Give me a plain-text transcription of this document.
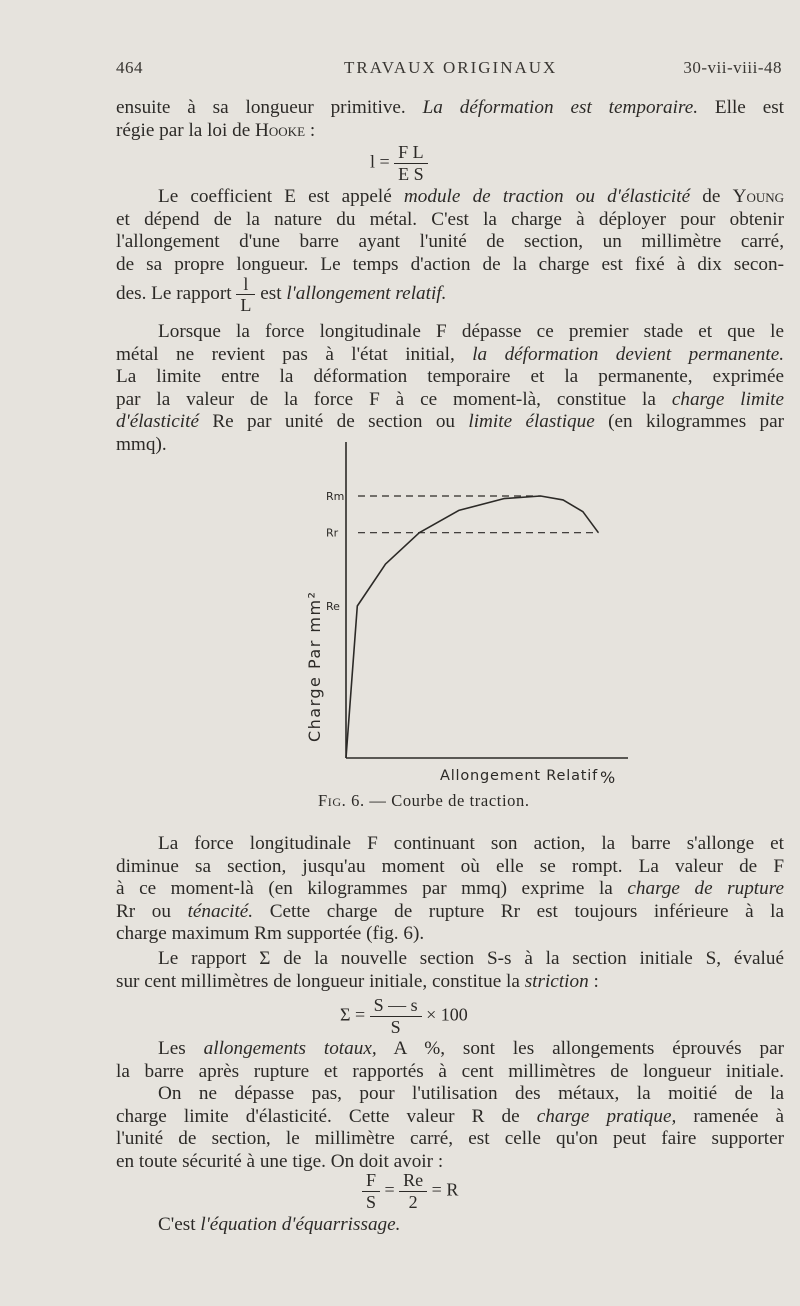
464	TRAVAUX ORIGINAUX	30-vii-viii-48
ensuite à sa longueur primitive. La déformation est temporaire. Elle est
régie par la loi de Hooke :
$l = \frac{\text{F L}}{\text{E S}}$
Le coefficient E est appelé module de traction ou d'élasticité de Young
et dépend de la nature du métal. C'est la charge à déployer pour obtenir
l'allongement d'une barre ayant l'unité de section, un millimètre carré,
de sa propre longueur. Le temps d'action de la charge est fixé à dix secon-
des. Le rapport $\frac{l}{L}$ est l'allongement relatif.
Lorsque la force longitudinale F dépasse ce premier stade et que le
métal ne revient pas à l'état initial, la déformation devient permanente.
La limite entre la déformation temporaire et la permanente, exprimée
par la valeur de la force F à ce moment-là, constitue la charge limite
d'élasticité Re par unité de section ou limite élastique (en kilogrammes par
mmq).
Rm
Rr
Re
Charge Par mm²
Allongement Relatif %
Fig. 6. — Courbe de traction.
La force longitudinale F continuant son action, la barre s'allonge et
diminue sa section, jusqu'au moment où elle se rompt. La valeur de F
à ce moment-là (en kilogrammes par mmq) exprime la charge de rupture
Rr ou ténacité. Cette charge de rupture Rr est toujours inférieure à la
charge maximum Rm supportée (fig. 6).
Le rapport Σ de la nouvelle section S-s à la section initiale S, évalué
sur cent millimètres de longueur initiale, constitue la striction :
$\Sigma = \frac{S — s}{S} \times 100$
Les allongements totaux, A %, sont les allongements éprouvés par
la barre après rupture et rapportés à cent millimètres de longueur initiale.
On ne dépasse pas, pour l'utilisation des métaux, la moitié de la
charge limite d'élasticité. Cette valeur R de charge pratique, ramenée à
l'unité de section, le millimètre carré, est celle qu'on peut faire supporter
en toute sécurité à une tige. On doit avoir :
$\frac{F}{S} = \frac{Re}{2} = R$
C'est l'équation d'équarrissage.
